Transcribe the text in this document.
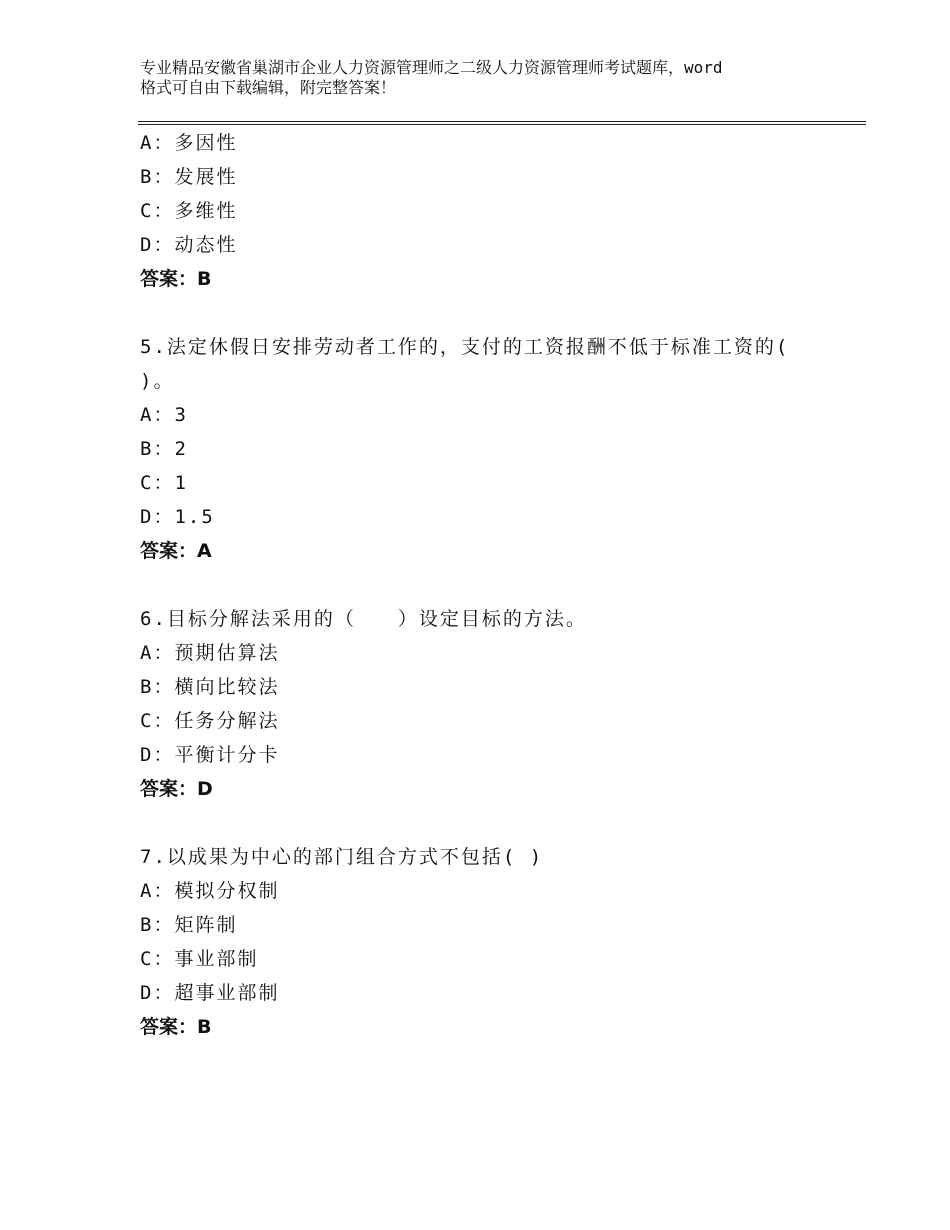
专业精品安徽省巢湖市企业人力资源管理师之二级人力资源管理师考试题库，word
格式可自由下载编辑，附完整答案！
A：多因性
B：发展性
C：多维性
D：动态性
答案：B
5.法定休假日安排劳动者工作的，支付的工资报酬不低于标准工资的(
)。
A：3
B：2
C：1
D：1.5
答案：A
6.目标分解法采用的（　　）设定目标的方法。
A：预期估算法
B：横向比较法
C：任务分解法
D：平衡计分卡
答案：D
7.以成果为中心的部门组合方式不包括( )
A：模拟分权制
B：矩阵制
C：事业部制
D：超事业部制
答案：B
